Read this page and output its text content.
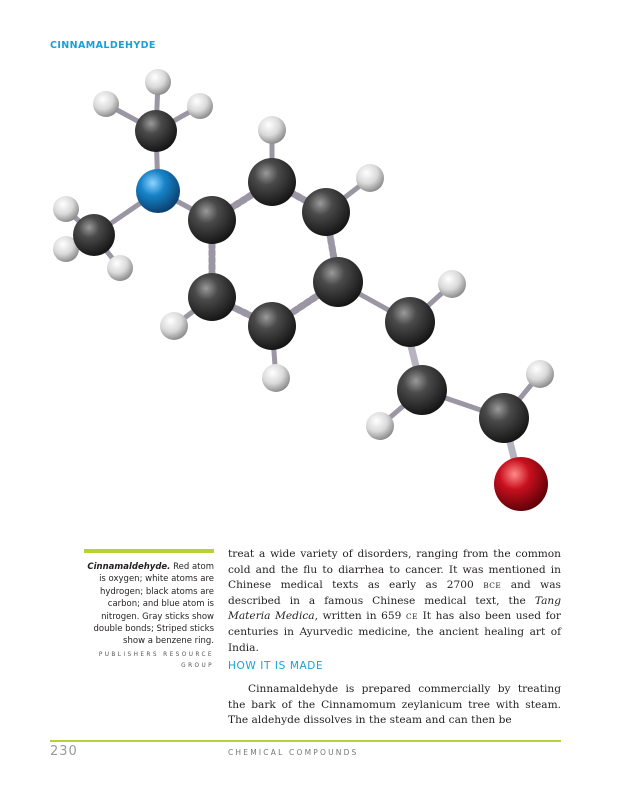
CINNAMALDEHYDE
Cinnamaldehyde. Red atom is oxygen; white atoms are hydrogen; black atoms are carbon; and blue atom is nitrogen. Gray sticks show double bonds; Striped sticks show a benzene ring.
PUBLISHERS RESOURCE GROUP

treat a wide variety of disorders, ranging from the common cold and the flu to diarrhea to cancer. It was mentioned in Chinese medical texts as early as 2700 BCE and was described in a famous Chinese medical text, the Tang Materia Medica, written in 659 CE It has also been used for centuries in Ayurvedic medicine, the ancient healing art of India.

HOW IT IS MADE
Cinnamaldehyde is prepared commercially by treating the bark of the Cinnamomum zeylanicum tree with steam. The aldehyde dissolves in the steam and can then be
230	CHEMICAL COMPOUNDS
